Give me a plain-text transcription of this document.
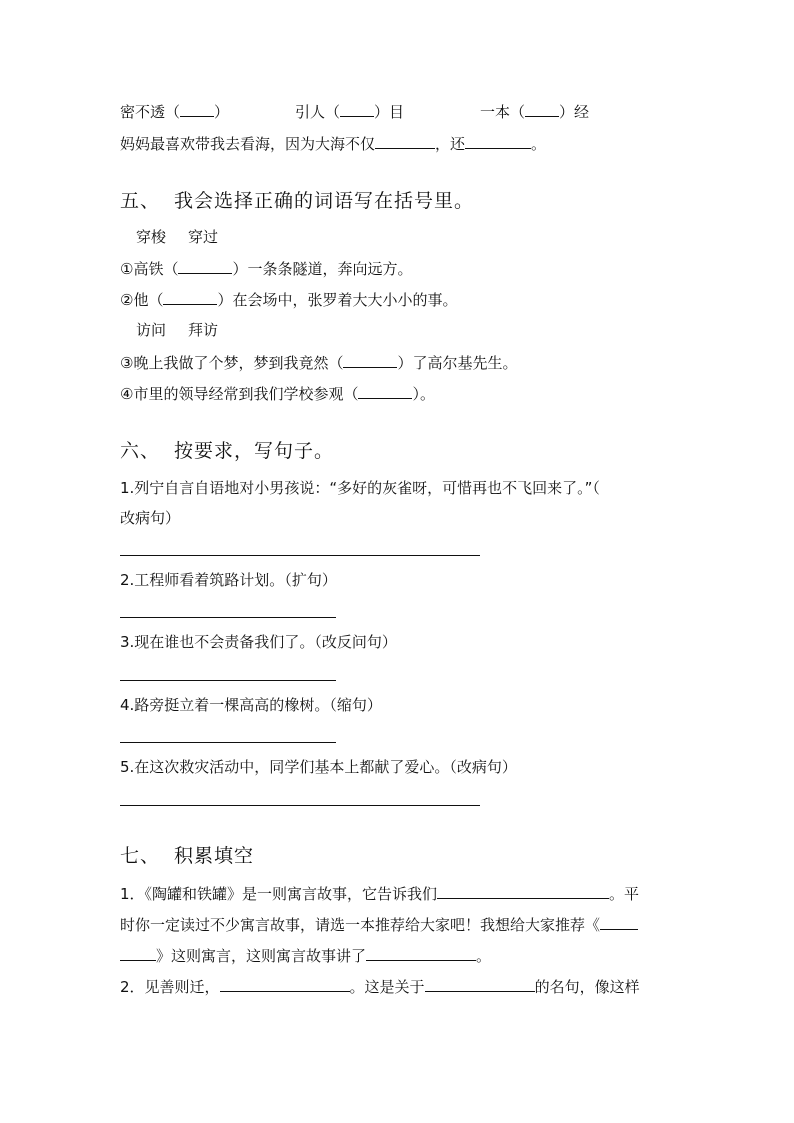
密不透（ ）	引人（ ）目	一本（ ）经
妈妈最喜欢带我去看海，因为大海不仅	，还	。
五、 我会选择正确的词语写在括号里。
穿梭 穿过
①高铁（	）一条条隧道，奔向远方。
②他（	）在会场中，张罗着大大小小的事。
访问 拜访
③晚上我做了个梦，梦到我竟然（	）了高尔基先生。
④市里的领导经常到我们学校参观（	）。
六、 按要求，写句子。
1.列宁自言自语地对小男孩说：“多好的灰雀呀，可惜再也不飞回来了。”（
改病句）
2.工程师看着筑路计划。（扩句）
3.现在谁也不会责备我们了。（改反问句）
4.路旁挺立着一棵高高的橡树。（缩句）
5.在这次救灾活动中，同学们基本上都献了爱心。（改病句）
七、 积累填空
1．《陶罐和铁罐》是一则寓言故事，它告诉我们	。平
时你一定读过不少寓言故事，请选一本推荐给大家吧！我想给大家推荐《
》这则寓言，这则寓言故事讲了	。
2．见善则迁，	。这是关于	的名句，像这样
